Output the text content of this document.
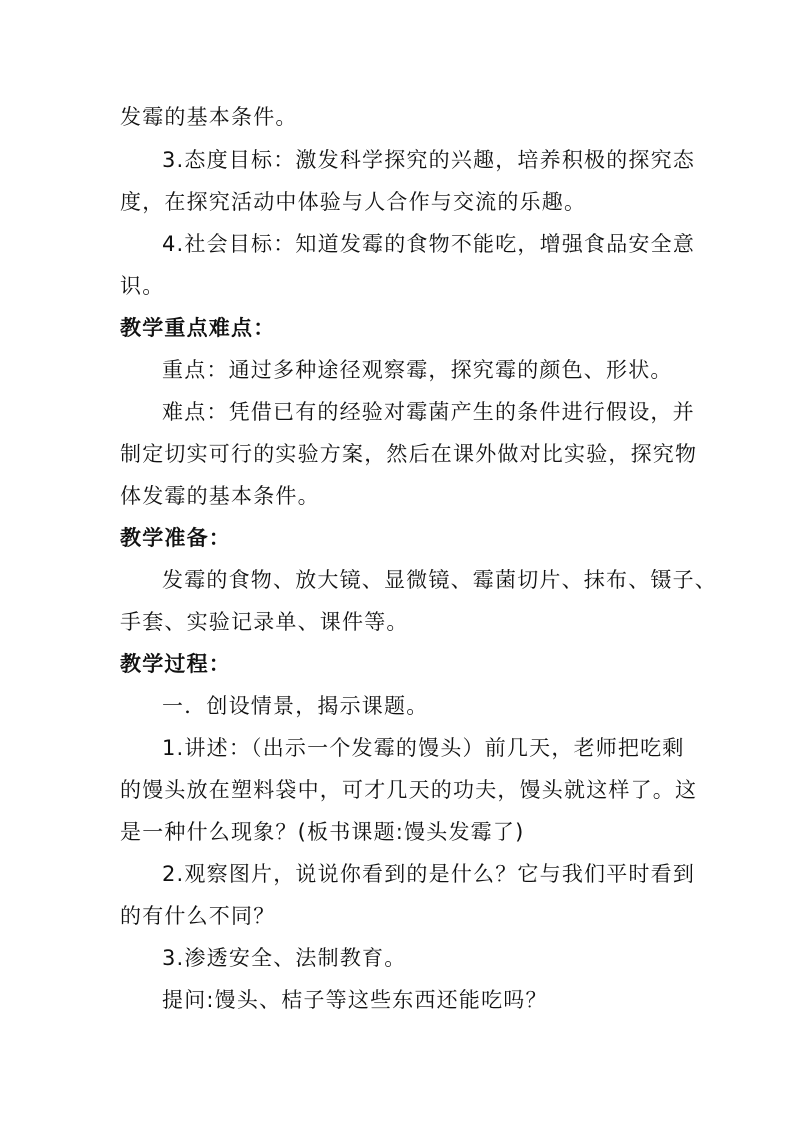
发霉的基本条件。
3.态度目标：激发科学探究的兴趣，培养积极的探究态
度，在探究活动中体验与人合作与交流的乐趣。
4.社会目标：知道发霉的食物不能吃，增强食品安全意
识。
教学重点难点：
重点：通过多种途径观察霉，探究霉的颜色、形状。
难点：凭借已有的经验对霉菌产生的条件进行假设，并
制定切实可行的实验方案，然后在课外做对比实验，探究物
体发霉的基本条件。
教学准备：
发霉的食物、放大镜、显微镜、霉菌切片、抹布、镊子、
手套、实验记录单、课件等。
教学过程：
一．创设情景，揭示课题。
1.讲述：（出示一个发霉的馒头）前几天，老师把吃剩
的馒头放在塑料袋中，可才几天的功夫，馒头就这样了。这
是一种什么现象？(板书课题:馒头发霉了)
2.观察图片，说说你看到的是什么？它与我们平时看到
的有什么不同？
3.渗透安全、法制教育。
提问:馒头、桔子等这些东西还能吃吗？
